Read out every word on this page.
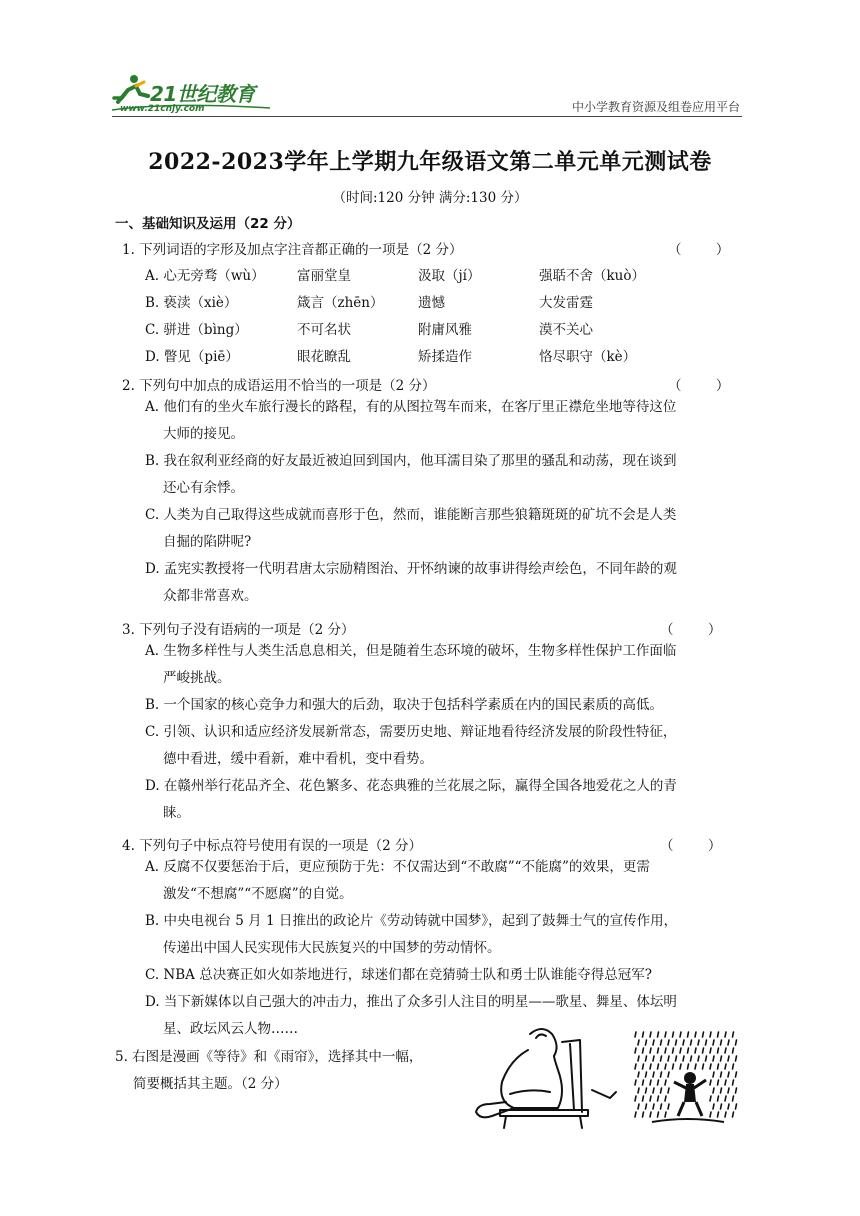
21世纪教育
www.21cnjy.com	中小学教育资源及组卷应用平台
2022-2023学年上学期九年级语文第二单元单元测试卷
（时间:120 分钟 满分:130 分）
一、基础知识及运用（22 分）
1. 下列词语的字形及加点字注音都正确的一项是（2 分）	（        ）
A. 心无旁骛（wù） 富丽堂皇	汲取（jí）	强聒不舍（kuò）
B. 亵渎（xiè）	箴言（zhēn）	遗憾	大发雷霆
C. 骈进（bìng）	不可名状	附庸风雅	漠不关心
D. 瞥见（piē）	眼花瞭乱	矫揉造作	恪尽职守（kè）
2. 下列句中加点的成语运用不恰当的一项是（2 分）	（        ）
A. 他们有的坐火车旅行漫长的路程，有的从图拉驾车而来，在客厅里正襟危坐地等待这位
大师的接见。
B. 我在叙利亚经商的好友最近被迫回到国内，他耳濡目染了那里的骚乱和动荡，现在谈到
还心有余悸。
C. 人类为自己取得这些成就而喜形于色，然而，谁能断言那些狼籍斑斑的矿坑不会是人类
自掘的陷阱呢?
D. 孟宪实教授将一代明君唐太宗励精图治、开怀纳谏的故事讲得绘声绘色，不同年龄的观
众都非常喜欢。
3. 下列句子没有语病的一项是（2 分）	（        ）
A. 生物多样性与人类生活息息相关，但是随着生态环境的破坏，生物多样性保护工作面临
严峻挑战。
B. 一个国家的核心竞争力和强大的后劲，取决于包括科学素质在内的国民素质的高低。
C. 引领、认识和适应经济发展新常态，需要历史地、辩证地看待经济发展的阶段性特征，
德中看进，缓中看新，难中看机，变中看势。
D. 在赣州举行花品齐全、花色繁多、花态典雅的兰花展之际，赢得全国各地爱花之人的青
睐。
4. 下列句子中标点符号使用有误的一项是（2 分）	（        ）
A. 反腐不仅要惩治于后，更应预防于先：不仅需达到“不敢腐”“不能腐”的效果，更需
激发“不想腐”“不愿腐”的自觉。
B. 中央电视台 5 月 1 日推出的政论片《劳动铸就中国梦》，起到了鼓舞士气的宣传作用，
传递出中国人民实现伟大民族复兴的中国梦的劳动情怀。
C. NBA 总决赛正如火如荼地进行，球迷们都在竞猜骑士队和勇士队谁能夺得总冠军?
D. 当下新媒体以自己强大的冲击力，推出了众多引人注目的明星——歌星、舞星、体坛明
星、政坛风云人物……
5. 右图是漫画《等待》和《雨帘》，选择其中一幅，
简要概括其主题。（2 分）
